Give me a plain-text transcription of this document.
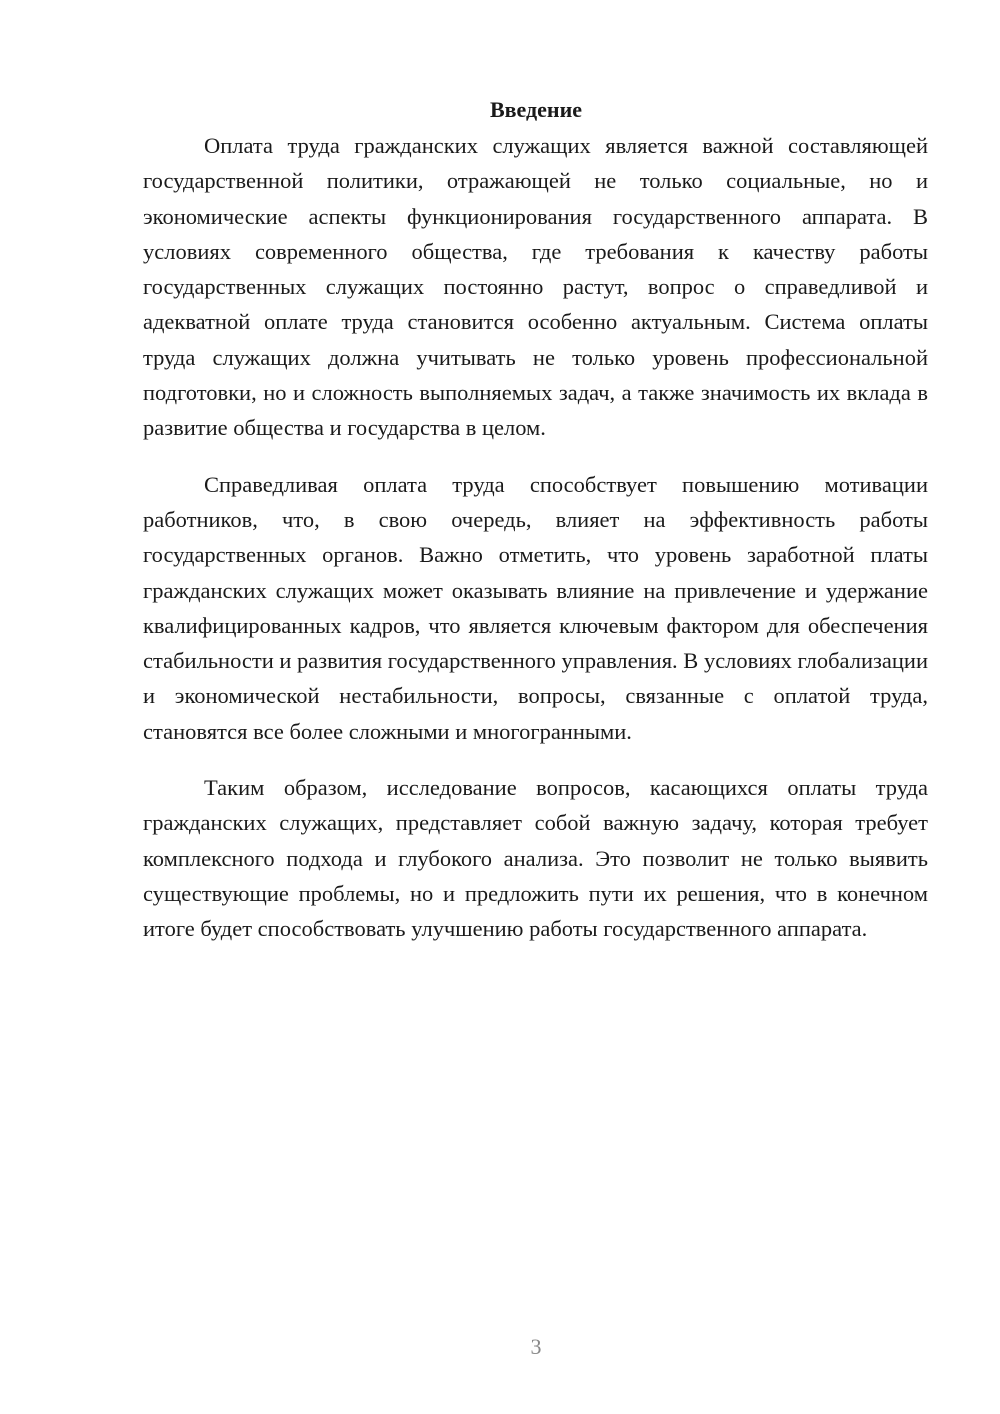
Введение

Оплата труда гражданских служащих является важной составляющей государственной политики, отражающей не только социальные, но и экономические аспекты функционирования государственного аппарата. В условиях современного общества, где требования к качеству работы государственных служащих постоянно растут, вопрос о справедливой и адекватной оплате труда становится особенно актуальным. Система оплаты труда служащих должна учитывать не только уровень профессиональной подготовки, но и сложность выполняемых задач, а также значимость их вклада в развитие общества и государства в целом.

Справедливая оплата труда способствует повышению мотивации работников, что, в свою очередь, влияет на эффективность работы государственных органов. Важно отметить, что уровень заработной платы гражданских служащих может оказывать влияние на привлечение и удержание квалифицированных кадров, что является ключевым фактором для обеспечения стабильности и развития государственного управления. В условиях глобализации и экономической нестабильности, вопросы, связанные с оплатой труда, становятся все более сложными и многогранными.

Таким образом, исследование вопросов, касающихся оплаты труда гражданских служащих, представляет собой важную задачу, которая требует комплексного подхода и глубокого анализа. Это позволит не только выявить существующие проблемы, но и предложить пути их решения, что в конечном итоге будет способствовать улучшению работы государственного аппарата.

3
